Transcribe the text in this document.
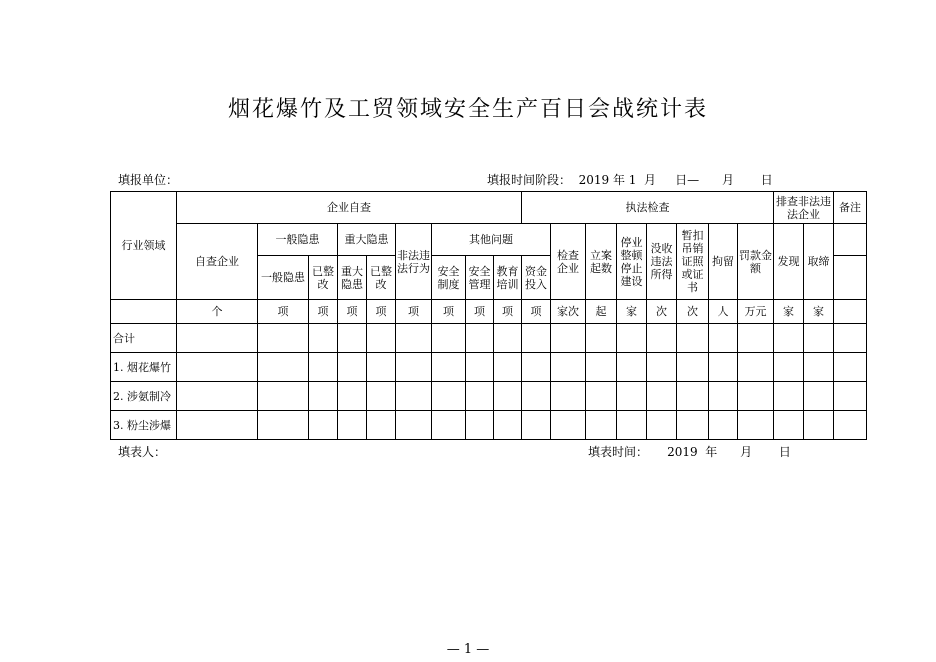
烟花爆竹及工贸领域安全生产百日会战统计表
填报单位：	填报时间阶段：  2019 年 1  月     日—      月       日
行业领域	企业自查									执法检查								排查非法违法企业		备注
	自查企业	一般隐患		重大隐患		非法违法行为	其他问题				检查企业	立案起数	停业整顿停止建设	没收违法所得	暂扣吊销证照或证书	拘留	罚款金额	发现	取缔	
		一般隐患	已整改	重大隐患	已整改		安全制度	安全管理	教育培训	资金投入										
	个	项	项	项	项	项	项	项	项	项	家次	起	家	次	次	人	万元	家	家	
合计																				
1. 烟花爆竹																				
2. 涉氨制冷																				
3. 粉尘涉爆																				
填表人：	填表时间：     2019  年      月       日
— 1 —
